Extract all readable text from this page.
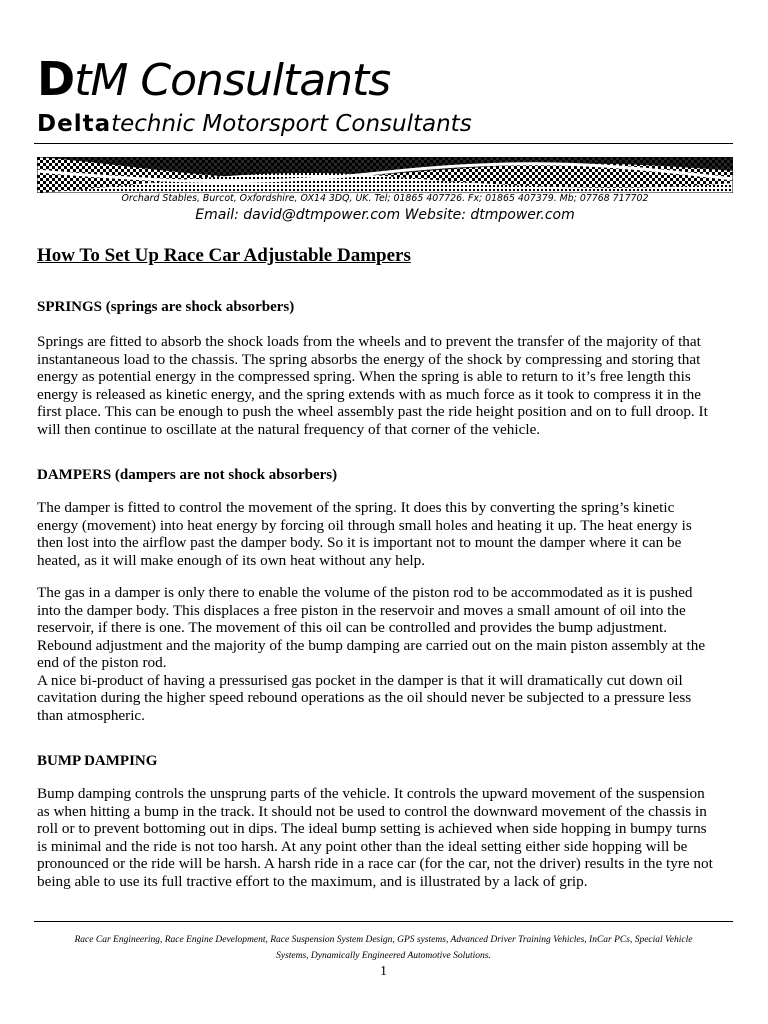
DtM Consultants
Deltatechnic Motorsport Consultants
Orchard Stables, Burcot, Oxfordshire, OX14 3DQ, UK. Tel; 01865 407726. Fx; 01865 407379. Mb; 07768 717702
Email: david@dtmpower.com Website: dtmpower.com
How To Set Up Race Car Adjustable Dampers
SPRINGS (springs are shock absorbers)
Springs are fitted to absorb the shock loads from the wheels and to prevent the transfer of the majority of that
instantaneous load to the chassis. The spring absorbs the energy of the shock by compressing and storing that
energy as potential energy in the compressed spring. When the spring is able to return to it’s free length this
energy is released as kinetic energy, and the spring extends with as much force as it took to compress it in the
first place. This can be enough to push the wheel assembly past the ride height position and on to full droop. It
will then continue to oscillate at the natural frequency of that corner of the vehicle.
DAMPERS (dampers are not shock absorbers)
The damper is fitted to control the movement of the spring. It does this by converting the spring’s kinetic
energy (movement) into heat energy by forcing oil through small holes and heating it up. The heat energy is
then lost into the airflow past the damper body. So it is important not to mount the damper where it can be
heated, as it will make enough of its own heat without any help.
The gas in a damper is only there to enable the volume of the piston rod to be accommodated as it is pushed
into the damper body. This displaces a free piston in the reservoir and moves a small amount of oil into the
reservoir, if there is one. The movement of this oil can be controlled and provides the bump adjustment.
Rebound adjustment and the majority of the bump damping are carried out on the main piston assembly at the
end of the piston rod.
A nice bi-product of having a pressurised gas pocket in the damper is that it will dramatically cut down oil
cavitation during the higher speed rebound operations as the oil should never be subjected to a pressure less
than atmospheric.
BUMP DAMPING
Bump damping controls the unsprung parts of the vehicle. It controls the upward movement of the suspension
as when hitting a bump in the track. It should not be used to control the downward movement of the chassis in
roll or to prevent bottoming out in dips. The ideal bump setting is achieved when side hopping in bumpy turns
is minimal and the ride is not too harsh. At any point other than the ideal setting either side hopping will be
pronounced or the ride will be harsh. A harsh ride in a race car (for the car, not the driver) results in the tyre not
being able to use its full tractive effort to the maximum, and is illustrated by a lack of grip.
Race Car Engineering, Race Engine Development, Race Suspension System Design, GPS systems, Advanced Driver Training Vehicles, InCar PCs, Special Vehicle
Systems, Dynamically Engineered Automotive Solutions.
1
